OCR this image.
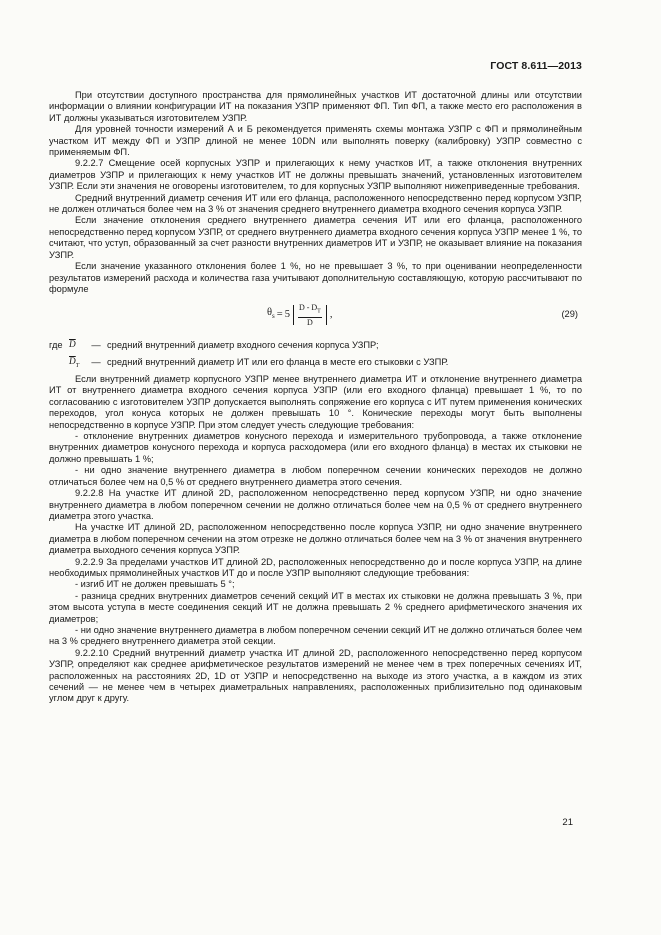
ГОСТ 8.611—2013

При отсутствии доступного пространства для прямолинейных участков ИТ достаточной длины или отсутствии информации о влиянии конфигурации ИТ на показания УЗПР применяют ФП. Тип ФП, а также место его расположения в ИТ должны указываться изготовителем УЗПР.

Для уровней точности измерений А и Б рекомендуется применять схемы монтажа УЗПР с ФП и прямолинейным участком ИТ между ФП и УЗПР длиной не менее 10DN или выполнять поверку (калибровку) УЗПР совместно с применяемым ФП.

9.2.2.7 Смещение осей корпусных УЗПР и прилегающих к нему участков ИТ, а также отклонения внутренних диаметров УЗПР и прилегающих к нему участков ИТ не должны превышать значений, установленных изготовителем УЗПР. Если эти значения не оговорены изготовителем, то для корпусных УЗПР выполняют нижеприведенные требования.

Средний внутренний диаметр сечения ИТ или его фланца, расположенного непосредственно перед корпусом УЗПР, не должен отличаться более чем на 3 % от значения среднего внутреннего диаметра входного сечения корпуса УЗПР.

Если значение отклонения среднего внутреннего диаметра сечения ИТ или его фланца, расположенного непосредственно перед корпусом УЗПР, от среднего внутреннего диаметра входного сечения корпуса УЗПР менее 1 %, то считают, что уступ, образованный за счет разности внутренних диаметров ИТ и УЗПР, не оказывает влияние на показания УЗПР.

Если значение указанного отклонения более 1 %, но не превышает 3 %, то при оценивании неопределенности результатов измерений расхода и количества газа учитывают дополнительную составляющую, которую рассчитывают по формуле

$\theta_s = 5 \frac{D - D_T}{D}$ ,	(29)
где $\overline{D}$	— средний внутренний диаметр входного сечения корпуса УЗПР;
$\overline{D}_T$	— средний внутренний диаметр ИТ или его фланца в месте его стыковки с УЗПР.

Если внутренний диаметр корпусного УЗПР менее внутреннего диаметра ИТ и отклонение внутреннего диаметра ИТ от внутреннего диаметра входного сечения корпуса УЗПР (или его входного фланца) превышает 1 %, то по согласованию с изготовителем УЗПР допускается выполнять сопряжение его корпуса с ИТ путем применения конических переходов, угол конуса которых не должен превышать 10 °. Конические переходы могут быть выполнены непосредственно в корпусе УЗПР. При этом следует учесть следующие требования:

- отклонение внутренних диаметров конусного перехода и измерительного трубопровода, а также отклонение внутренних диаметров конусного перехода и корпуса расходомера (или его входного фланца) в местах их стыковки не должно превышать 1 %;

- ни одно значение внутреннего диаметра в любом поперечном сечении конических переходов не должно отличаться более чем на 0,5 % от среднего внутреннего диаметра этого сечения.

9.2.2.8 На участке ИТ длиной 2D, расположенном непосредственно перед корпусом УЗПР, ни одно значение внутреннего диаметра в любом поперечном сечении не должно отличаться более чем на 0,5 % от среднего внутреннего диаметра этого участка.

На участке ИТ длиной 2D, расположенном непосредственно после корпуса УЗПР, ни одно значение внутреннего диаметра в любом поперечном сечении на этом отрезке не должно отличаться более чем на 3 % от значения внутреннего диаметра выходного сечения корпуса УЗПР.

9.2.2.9 За пределами участков ИТ длиной 2D, расположенных непосредственно до и после корпуса УЗПР, на длине необходимых прямолинейных участков ИТ до и после УЗПР выполняют следующие требования:

- изгиб ИТ не должен превышать 5 °;

- разница средних внутренних диаметров сечений секций ИТ в местах их стыковки не должна превышать 3 %, при этом высота уступа в месте соединения секций ИТ не должна превышать 2 % среднего арифметического значения их диаметров;

- ни одно значение внутреннего диаметра в любом поперечном сечении секций ИТ не должно отличаться более чем на 3 % среднего внутреннего диаметра этой секции.

9.2.2.10 Средний внутренний диаметр участка ИТ длиной 2D, расположенного непосредственно перед корпусом УЗПР, определяют как среднее арифметическое результатов измерений не менее чем в трех поперечных сечениях ИТ, расположенных на расстояниях 2D, 1D от УЗПР и непосредственно на выходе из этого участка, а в каждом из этих сечений — не менее чем в четырех диаметральных направлениях, расположенных приблизительно под одинаковым углом друг к другу.

21
